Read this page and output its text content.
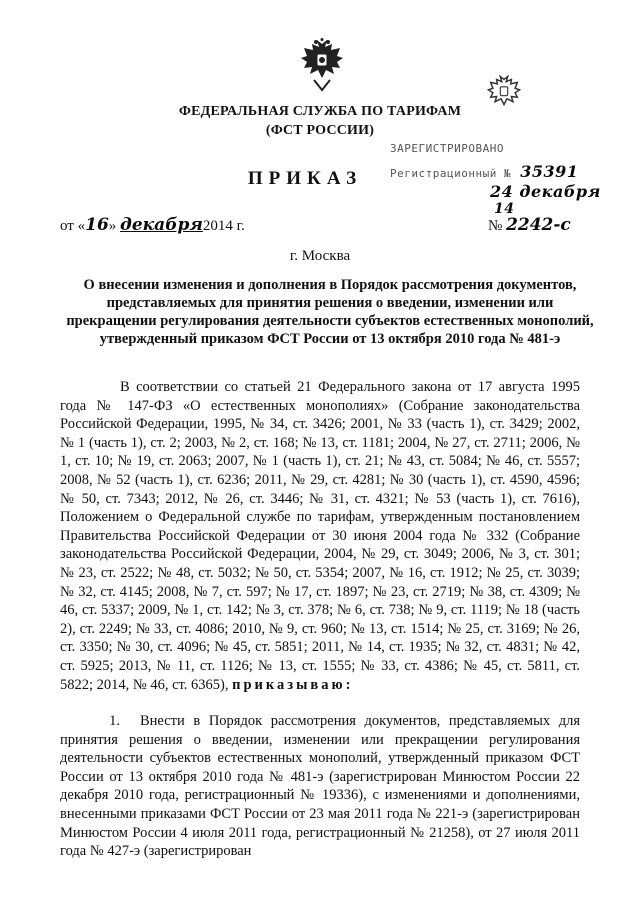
ФЕДЕРАЛЬНАЯ СЛУЖБА ПО ТАРИФАМ
(ФСТ РОССИИ)
ЗАРЕГИСТРИРОВАНО
Регистрационный № 35391
24 декабря 14
ПРИКАЗ
от «16» декабря2014 г.	№ 2242-с
г. Москва
О внесении изменения и дополнения в Порядок рассмотрения документов, представляемых для принятия решения о введении, изменении или прекращении регулирования деятельности субъектов естественных монополий, утвержденный приказом ФСТ России от 13 октября 2010 года № 481-э
В соответствии со статьей 21 Федерального закона от 17 августа 1995 года № 147-ФЗ «О естественных монополиях» (Собрание законодательства Российской Федерации, 1995, № 34, ст. 3426; 2001, № 33 (часть 1), ст. 3429; 2002, № 1 (часть 1), ст. 2; 2003, № 2, ст. 168; № 13, ст. 1181; 2004, № 27, ст. 2711; 2006, № 1, ст. 10; № 19, ст. 2063; 2007, № 1 (часть 1), ст. 21; № 43, ст. 5084; № 46, ст. 5557; 2008, № 52 (часть 1), ст. 6236; 2011, № 29, ст. 4281; № 30 (часть 1), ст. 4590, 4596; № 50, ст. 7343; 2012, № 26, ст. 3446; № 31, ст. 4321; № 53 (часть 1), ст. 7616), Положением о Федеральной службе по тарифам, утвержденным постановлением Правительства Российской Федерации от 30 июня 2004 года № 332 (Собрание законодательства Российской Федерации, 2004, № 29, ст. 3049; 2006, № 3, ст. 301; № 23, ст. 2522; № 48, ст. 5032; № 50, ст. 5354; 2007, № 16, ст. 1912; № 25, ст. 3039; № 32, ст. 4145; 2008, № 7, ст. 597; № 17, ст. 1897; № 23, ст. 2719; № 38, ст. 4309; № 46, ст. 5337; 2009, № 1, ст. 142; № 3, ст. 378; № 6, ст. 738; № 9, ст. 1119; № 18 (часть 2), ст. 2249; № 33, ст. 4086; 2010, № 9, ст. 960; № 13, ст. 1514; № 25, ст. 3169; № 26, ст. 3350; № 30, ст. 4096; № 45, ст. 5851; 2011, № 14, ст. 1935; № 32, ст. 4831; № 42, ст. 5925; 2013, № 11, ст. 1126; № 13, ст. 1555; № 33, ст. 4386; № 45, ст. 5811, ст. 5822; 2014, № 46, ст. 6365), приказываю:
1. Внести в Порядок рассмотрения документов, представляемых для принятия решения о введении, изменении или прекращении регулирования деятельности субъектов естественных монополий, утвержденный приказом ФСТ России от 13 октября 2010 года № 481-э (зарегистрирован Минюстом России 22 декабря 2010 года, регистрационный № 19336), с изменениями и дополнениями, внесенными приказами ФСТ России от 23 мая 2011 года № 221-э (зарегистрирован Минюстом России 4 июля 2011 года, регистрационный № 21258), от 27 июля 2011 года № 427-э (зарегистрирован
